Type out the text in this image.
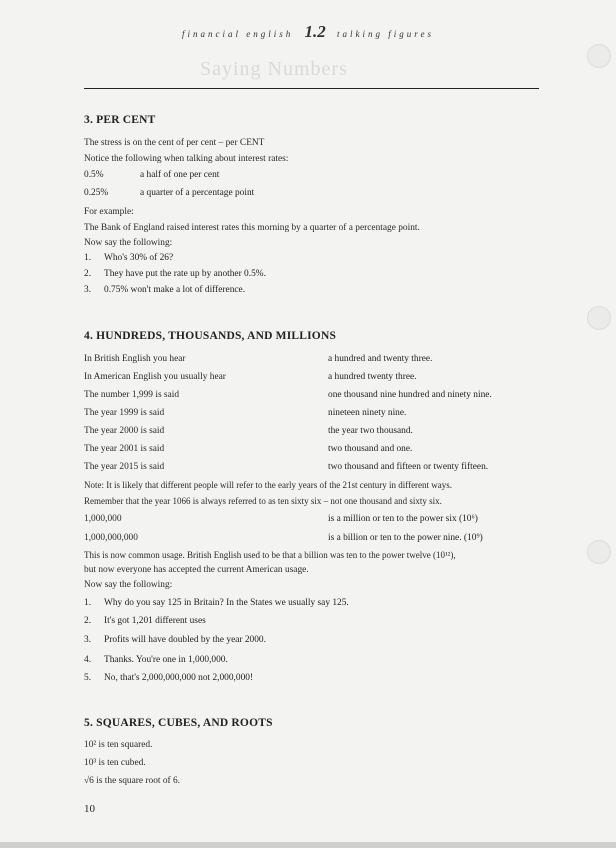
Saying Numbers
financial english 1.2 talking figures
3. PER CENT
The stress is on the cent of per cent – per CENT
Notice the following when talking about interest rates:
0.5%	a half of one per cent
0.25%	a quarter of a percentage point
For example:
The Bank of England raised interest rates this morning by a quarter of a percentage point.
Now say the following:
1. Who's 30% of 26?
2. They have put the rate up by another 0.5%.
3. 0.75% won't make a lot of difference.
4. HUNDREDS, THOUSANDS, AND MILLIONS
In British English you hear	a hundred and twenty three.
In American English you usually hear	a hundred twenty three.
The number 1,999 is said	one thousand nine hundred and ninety nine.
The year 1999 is said	nineteen ninety nine.
The year 2000 is said	the year two thousand.
The year 2001 is said	two thousand and one.
The year 2015 is said	two thousand and fifteen or twenty fifteen.
Note: It is likely that different people will refer to the early years of the 21st century in different ways.
Remember that the year 1066 is always referred to as ten sixty six – not one thousand and sixty six.
1,000,000	is a million or ten to the power six (10⁶)
1,000,000,000	is a billion or ten to the power nine. (10⁹)
This is now common usage. British English used to be that a billion was ten to the power twelve (10¹²),
but now everyone has accepted the current American usage.
Now say the following:
1. Why do you say 125 in Britain? In the States we usually say 125.
2. It's got 1,201 different uses
3. Profits will have doubled by the year 2000.
4. Thanks. You're one in 1,000,000.
5. No, that's 2,000,000,000 not 2,000,000!
5. SQUARES, CUBES, AND ROOTS
10² is ten squared.
10³ is ten cubed.
√6 is the square root of 6.
10
